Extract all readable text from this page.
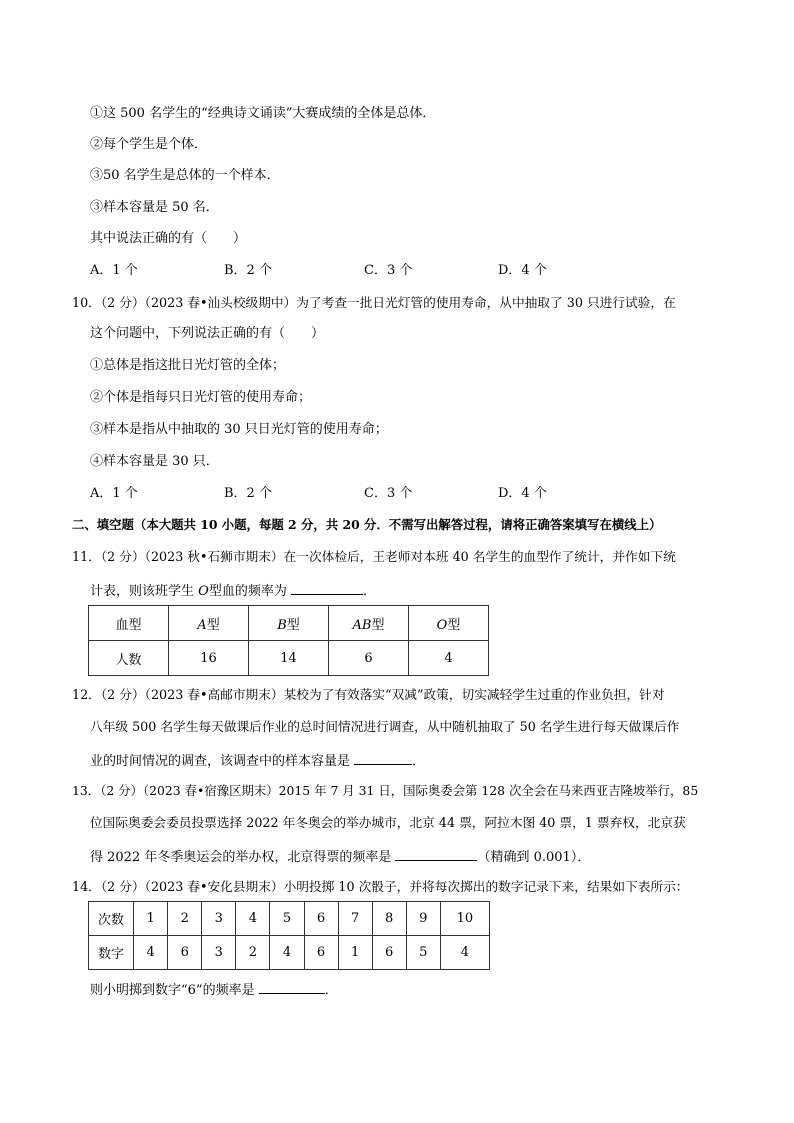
①这 500 名学生的“经典诗文诵读”大赛成绩的全体是总体．
②每个学生是个体．
③50 名学生是总体的一个样本．
③样本容量是 50 名．
其中说法正确的有（　　）
A．1 个	B．2 个	C．3 个	D．4 个
10．（2 分）（2023 春•汕头校级期中）为了考查一批日光灯管的使用寿命，从中抽取了 30 只进行试验，在
这个问题中，下列说法正确的有（　　）
①总体是指这批日光灯管的全体；
②个体是指每只日光灯管的使用寿命；
③样本是指从中抽取的 30 只日光灯管的使用寿命；
④样本容量是 30 只．
A．1 个	B．2 个	C．3 个	D．4 个
二、填空题（本大题共 10 小题，每题 2 分，共 20 分．不需写出解答过程，请将正确答案填写在横线上）
11．（2 分）（2023 秋•石狮市期末）在一次体检后，王老师对本班 40 名学生的血型作了统计，并作如下统
计表，则该班学生 O型血的频率为	．
血型	A型	B型	AB型	O型
人数	16	14	6	4
12．（2 分）（2023 春•高邮市期末）某校为了有效落实“双减”政策，切实减轻学生过重的作业负担，针对
八年级 500 名学生每天做课后作业的总时间情况进行调查，从中随机抽取了 50 名学生进行每天做课后作
业的时间情况的调查，该调查中的样本容量是	．
13．（2 分）（2023 春•宿豫区期末）2015 年 7 月 31 日，国际奥委会第 128 次全会在马来西亚吉隆坡举行，85
位国际奥委会委员投票选择 2022 年冬奥会的举办城市，北京 44 票，阿拉木图 40 票，1 票弃权，北京获
得 2022 年冬季奥运会的举办权，北京得票的频率是	（精确到 0.001）．
14．（2 分）（2023 春•安化县期末）小明投掷 10 次骰子，并将每次掷出的数字记录下来，结果如下表所示：
次数	1	2	3	4	5	6	7	8	9	10
数字	4	6	3	2	4	6	1	6	5	4
则小明掷到数字“6”的频率是	．
